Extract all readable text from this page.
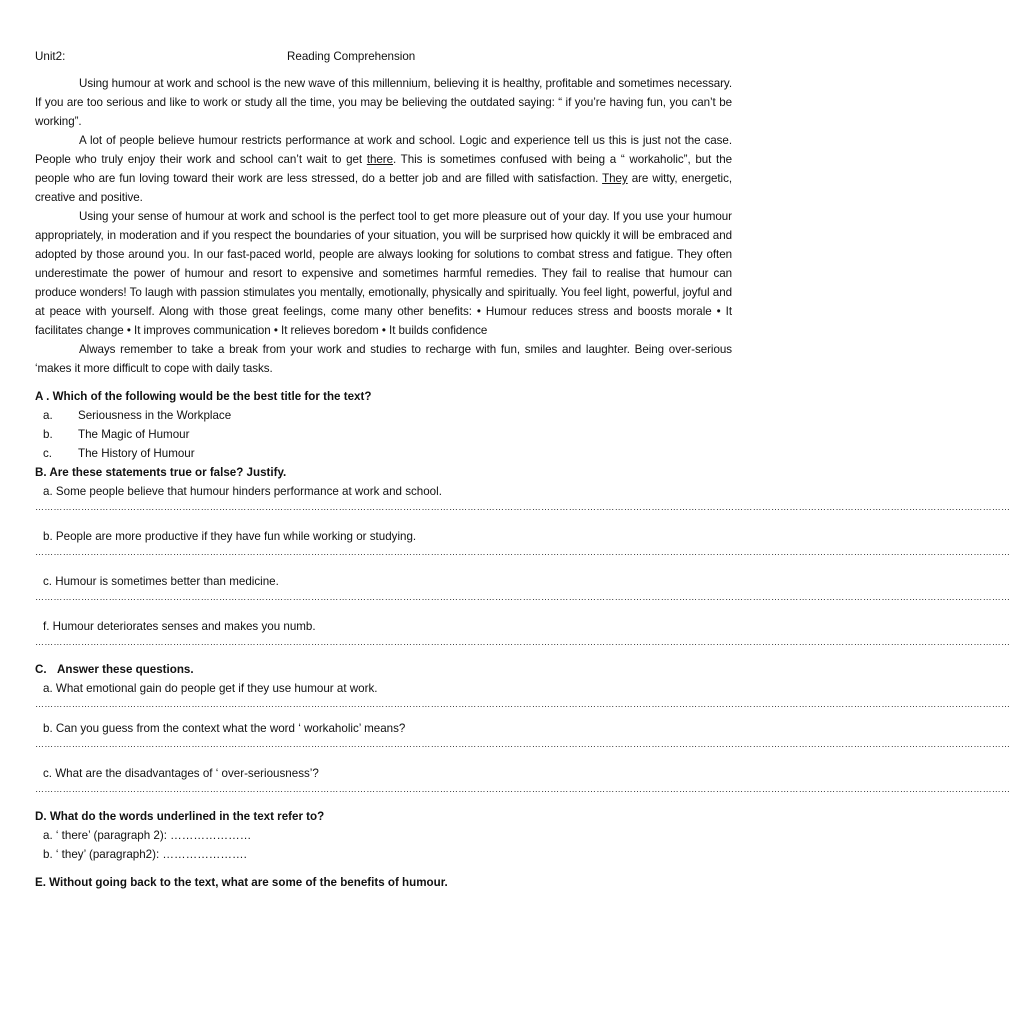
Unit2:	Reading Comprehension

Using humour at work and school is the new wave of this millennium, believing it is healthy, profitable and sometimes necessary. If you are too serious and like to work or study all the time, you may be believing the outdated saying: “ if you’re having fun, you can’t be working”.

A lot of people believe humour restricts performance at work and school. Logic and experience tell us this is just not the case. People who truly enjoy their work and school can’t wait to get there. This is sometimes confused with being a “ workaholic”, but the people who are fun loving toward their work are less stressed, do a better job and are filled with satisfaction. They are witty, energetic, creative and positive.

Using your sense of humour at work and school is the perfect tool to get more pleasure out of your day. If you use your humour appropriately, in moderation and if you respect the boundaries of your situation, you will be surprised how quickly it will be embraced and adopted by those around you. In our fast-paced world, people are always looking for solutions to combat stress and fatigue. They often underestimate the power of humour and resort to expensive and sometimes harmful remedies. They fail to realise that humour can produce wonders! To laugh with passion stimulates you mentally, emotionally, physically and spiritually. You feel light, powerful, joyful and at peace with yourself. Along with those great feelings, come many other benefits: • Humour reduces stress and boosts morale • It facilitates change • It improves communication • It relieves boredom • It builds confidence

Always remember to take a break from your work and studies to recharge with fun, smiles and laughter. Being over-serious ‘makes it more difficult to cope with daily tasks.

A . Which of the following would be the best title for the text?

a. Seriousness in the Workplace

b. The Magic of Humour

c. The History of Humour

B. Are these statements true or false? Justify.

a. Some people believe that humour hinders performance at work and school.

…………………………………………………………………………………………………………………………………………………………………………………………………………………………………………………………………………………………

b. People are more productive if they have fun while working or studying.

…………………………………………………………………………………………………………………………………………………………………………………………………………………………………………………………………………………………

c. Humour is sometimes better than medicine.

…………………………………………………………………………………………………………………………………………………………………………………………………………………………………………………………………………………………

f. Humour deteriorates senses and makes you numb.

…………………………………………………………………………………………………………………………………………………………………………………………………………………………………………………………………………………………

C. Answer these questions.

a. What emotional gain do people get if they use humour at work.

…………………………………………………………………………………………………………………………………………………………………………………………………………………………………………………………………………………………

b. Can you guess from the context what the word ‘ workaholic’ means?

…………………………………………………………………………………………………………………………………………………………………………………………………………………………………………………………………………………………

c. What are the disadvantages of ‘ over-seriousness’?

…………………………………………………………………………………………………………………………………………………………………………………………………………………………………………………………………………………………

D. What do the words underlined in the text refer to?

a. ‘ there’ (paragraph 2): …………………

b. ‘ they’ (paragraph2): ………………….

E. Without going back to the text, what are some of the benefits of humour.
